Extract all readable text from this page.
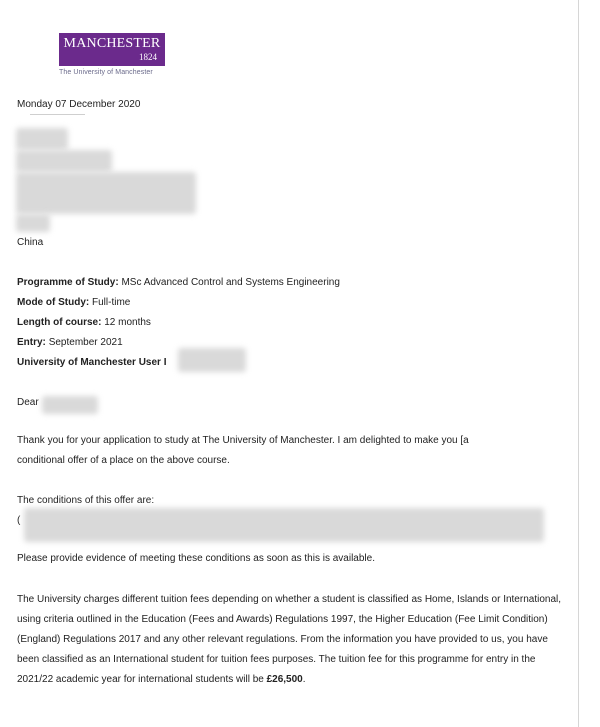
MANCHESTER
1824
The University of Manchester
Monday 07 December 2020
China
Programme of Study: MSc Advanced Control and Systems Engineering
Mode of Study: Full-time
Length of course: 12 months
Entry: September 2021
University of Manchester User I
Dear
Thank you for your application to study at The University of Manchester. I am delighted to make you [a
conditional offer of a place on the above course.
The conditions of this offer are:
(
Please provide evidence of meeting these conditions as soon as this is available.
The University charges different tuition fees depending on whether a student is classified as Home, Islands or International, using criteria outlined in the Education (Fees and Awards) Regulations 1997, the Higher Education (Fee Limit Condition) (England) Regulations 2017 and any other relevant regulations. From the information you have provided to us, you have been classified as an International student for tuition fees purposes. The tuition fee for this programme for entry in the 2021/22 academic year for international students will be £26,500.
